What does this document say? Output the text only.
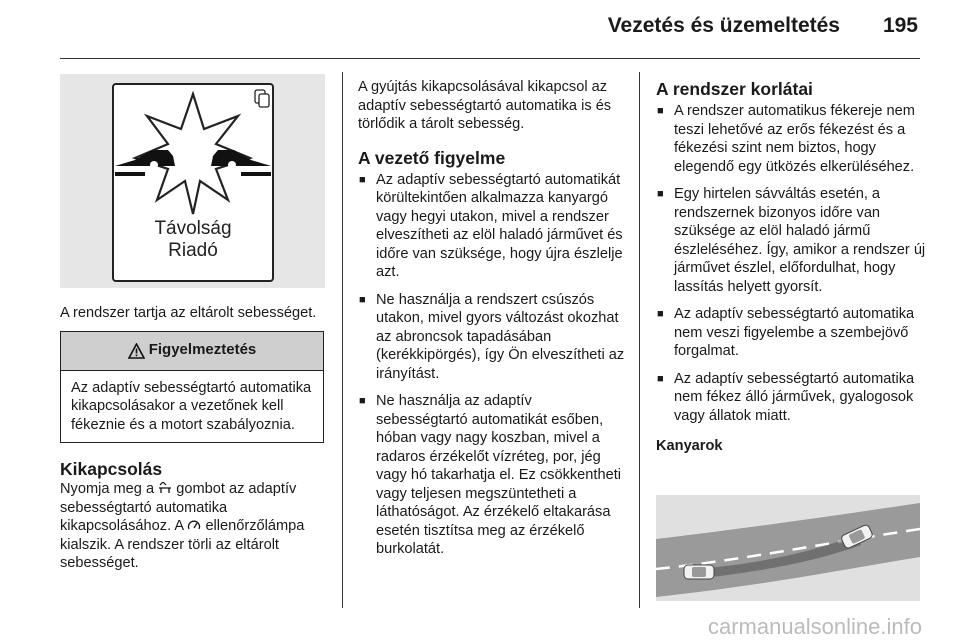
Vezetés és üzemeltetés 195
Távolság
Riadó

A rendszer tartja az eltárolt sebességet.

Figyelmeztetés

Az adaptív sebességtartó automatika kikapcsolásakor a vezetőnek kell fékeznie és a motort szabályoznia.

Kikapcsolás

Nyomja meg a gombot az adaptív sebességtartó automatika kikapcsolásához. A ellenőrzőlámpa kialszik. A rendszer törli az eltárolt sebességet.

A gyújtás kikapcsolásával kikapcsol az adaptív sebességtartó automatika is és törlődik a tárolt sebesség.

A vezető figyelme
■ Az adaptív sebességtartó automatikát körültekintően alkalmazza kanyargó vagy hegyi utakon, mivel a rendszer elveszítheti az elöl haladó járművet és időre van szüksége, hogy újra észlelje azt.
■ Ne használja a rendszert csúszós utakon, mivel gyors változást okozhat az abroncsok tapadásában (kerékkipörgés), így Ön elveszítheti az irányítást.
■ Ne használja az adaptív sebességtartó automatikát esőben, hóban vagy nagy koszban, mivel a radaros érzékelőt vízréteg, por, jég vagy hó takarhatja el. Ez csökkentheti vagy teljesen megszüntetheti a láthatóságot. Az érzékelő eltakarása esetén tisztítsa meg az érzékelő burkolatát.
A rendszer korlátai
■ A rendszer automatikus fékereje nem teszi lehetővé az erős fékezést és a fékezési szint nem biztos, hogy elegendő egy ütközés elkerüléséhez.
■ Egy hirtelen sávváltás esetén, a rendszernek bizonyos időre van szüksége az elöl haladó jármű észleléséhez. Így, amikor a rendszer új járművet észlel, előfordulhat, hogy lassítás helyett gyorsít.
■ Az adaptív sebességtartó automatika nem veszi figyelembe a szembejövő forgalmat.
■ Az adaptív sebességtartó automatika nem fékez álló járművek, gyalogosok vagy állatok miatt.
Kanyarok
carmanualsonline.info
